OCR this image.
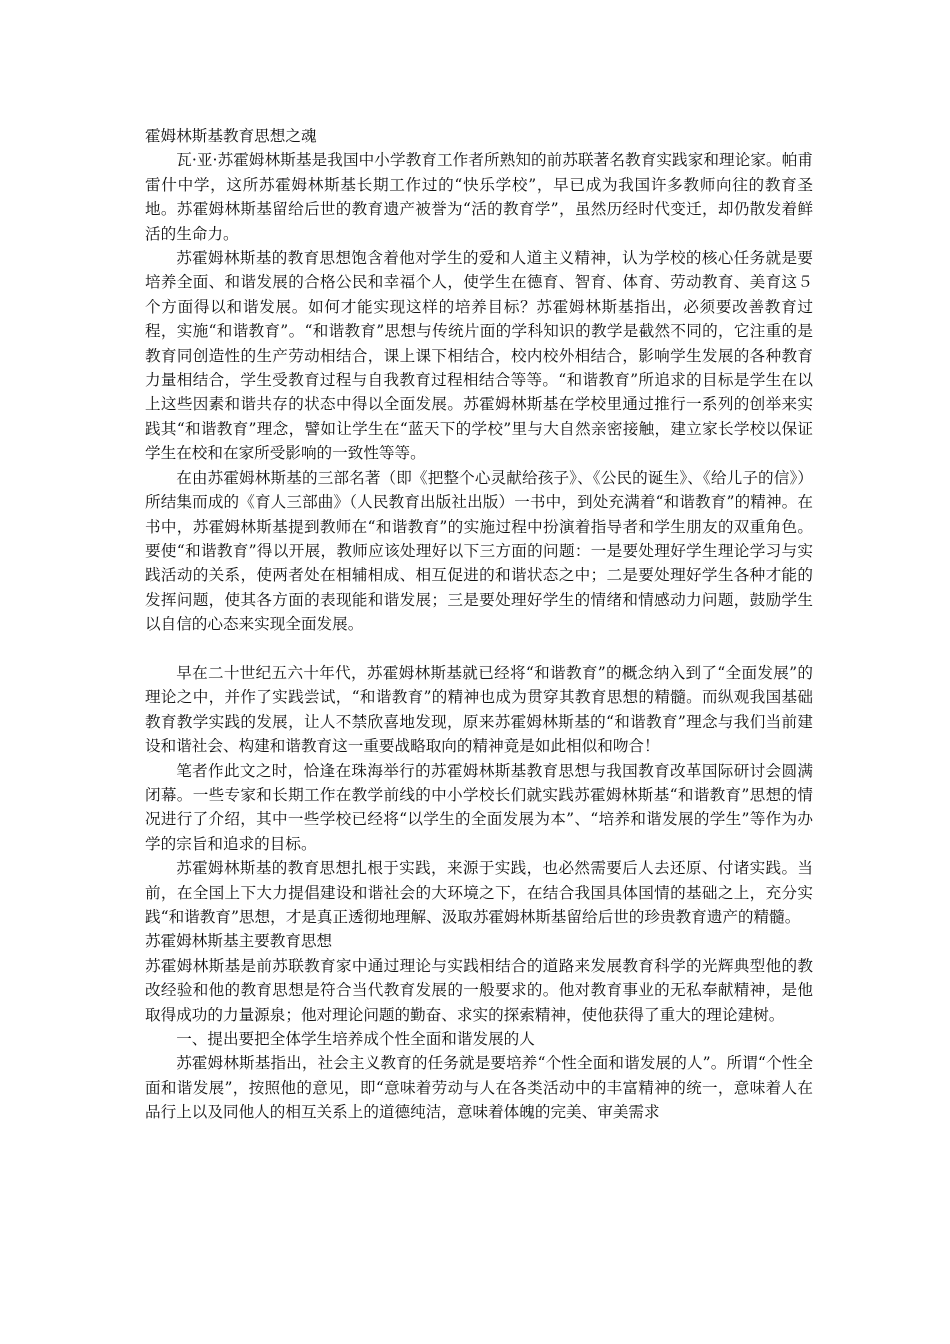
霍姆林斯基教育思想之魂

瓦·亚·苏霍姆林斯基是我国中小学教育工作者所熟知的前苏联著名教育实践家和理论家。帕甫雷什中学，这所苏霍姆林斯基长期工作过的“快乐学校”，早已成为我国许多教师向往的教育圣地。苏霍姆林斯基留给后世的教育遗产被誉为“活的教育学”，虽然历经时代变迁，却仍散发着鲜活的生命力。

苏霍姆林斯基的教育思想饱含着他对学生的爱和人道主义精神，认为学校的核心任务就是要培养全面、和谐发展的合格公民和幸福个人，使学生在德育、智育、体育、劳动教育、美育这５个方面得以和谐发展。如何才能实现这样的培养目标？苏霍姆林斯基指出，必须要改善教育过程，实施“和谐教育”。“和谐教育”思想与传统片面的学科知识的教学是截然不同的，它注重的是教育同创造性的生产劳动相结合，课上课下相结合，校内校外相结合，影响学生发展的各种教育力量相结合，学生受教育过程与自我教育过程相结合等等。“和谐教育”所追求的目标是学生在以上这些因素和谐共存的状态中得以全面发展。苏霍姆林斯基在学校里通过推行一系列的创举来实践其“和谐教育”理念，譬如让学生在“蓝天下的学校”里与大自然亲密接触，建立家长学校以保证学生在校和在家所受影响的一致性等等。

在由苏霍姆林斯基的三部名著（即《把整个心灵献给孩子》、《公民的诞生》、《给儿子的信》）所结集而成的《育人三部曲》（人民教育出版社出版）一书中，到处充满着“和谐教育”的精神。在书中，苏霍姆林斯基提到教师在“和谐教育”的实施过程中扮演着指导者和学生朋友的双重角色。要使“和谐教育”得以开展，教师应该处理好以下三方面的问题：一是要处理好学生理论学习与实践活动的关系，使两者处在相辅相成、相互促进的和谐状态之中；二是要处理好学生各种才能的发挥问题，使其各方面的表现能和谐发展；三是要处理好学生的情绪和情感动力问题，鼓励学生以自信的心态来实现全面发展。

早在二十世纪五六十年代，苏霍姆林斯基就已经将“和谐教育”的概念纳入到了“全面发展”的理论之中，并作了实践尝试，“和谐教育”的精神也成为贯穿其教育思想的精髓。而纵观我国基础教育教学实践的发展，让人不禁欣喜地发现，原来苏霍姆林斯基的“和谐教育”理念与我们当前建设和谐社会、构建和谐教育这一重要战略取向的精神竟是如此相似和吻合！

笔者作此文之时，恰逢在珠海举行的苏霍姆林斯基教育思想与我国教育改革国际研讨会圆满闭幕。一些专家和长期工作在教学前线的中小学校长们就实践苏霍姆林斯基“和谐教育”思想的情况进行了介绍，其中一些学校已经将“以学生的全面发展为本”、“培养和谐发展的学生”等作为办学的宗旨和追求的目标。

苏霍姆林斯基的教育思想扎根于实践，来源于实践，也必然需要后人去还原、付诸实践。当前，在全国上下大力提倡建设和谐社会的大环境之下，在结合我国具体国情的基础之上，充分实践“和谐教育”思想，才是真正透彻地理解、汲取苏霍姆林斯基留给后世的珍贵教育遗产的精髓。

苏霍姆林斯基主要教育思想

苏霍姆林斯基是前苏联教育家中通过理论与实践相结合的道路来发展教育科学的光辉典型他的教改经验和他的教育思想是符合当代教育发展的一般要求的。他对教育事业的无私奉献精神，是他取得成功的力量源泉；他对理论问题的勤奋、求实的探索精神，使他获得了重大的理论建树。

一、提出要把全体学生培养成个性全面和谐发展的人

苏霍姆林斯基指出，社会主义教育的任务就是要培养“个性全面和谐发展的人”。所谓“个性全面和谐发展”，按照他的意见，即“意味着劳动与人在各类活动中的丰富精神的统一，意味着人在品行上以及同他人的相互关系上的道德纯洁，意味着体魄的完美、审美需求
